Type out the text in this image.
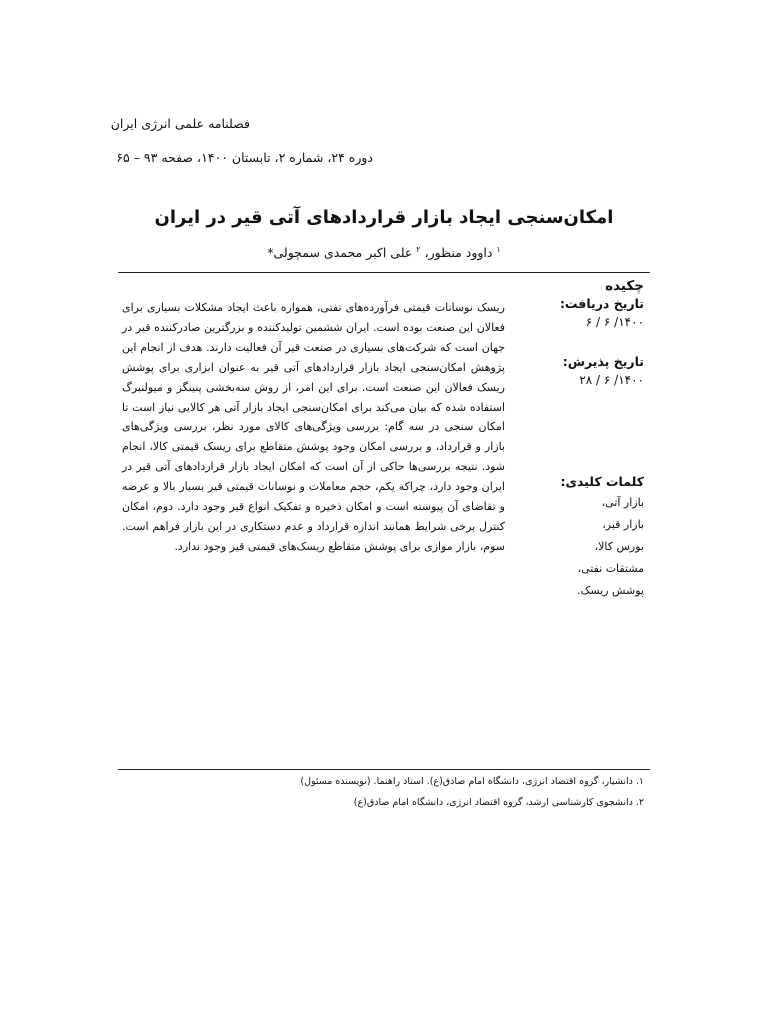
فصلنامه علمی انرژی ایران
دوره ۲۴، شماره ۲، تابستان ۱۴۰۰، صفحه ۹۳ – ۶۵
امکان‌سنجی ایجاد بازار قراردادهای آتی قیر در ایران
$^۱$ داوود منظور، $^۲$ علی اکبر محمدی سمچولی*
چکیده
ریسک نوسانات قیمتی فرآورده‌های نفتی، همواره باعث ایجاد مشکلات بسیاری برای فعالان این صنعت بوده است. ایران ششمین تولیدکننده و بزرگترین صادرکننده قیر در جهان است که شرکت‌های بسیاری در صنعت قیر آن فعالیت دارند. هدف از انجام این پژوهش امکان‌سنجی ایجاد بازار قراردادهای آتی قیر به عنوان ابزاری برای پوشش ریسک فعالان این صنعت است. برای این امر، از روش سه‌بخشی پنینگز و میولنبرگ استفاده شده که بیان می‌کند برای امکان‌سنجی ایجاد بازار آتی هر کالایی نیاز است تا امکان سنجی در سه گام: بررسی ویژگی‌های کالای مورد نظر، بررسی ویژگی‌های بازار و قرارداد، و بررسی امکان وجود پوشش متقاطع برای ریسک قیمتی کالا، انجام شود. نتیجه بررسی‌ها حاکی از آن است که امکان ایجاد بازار قراردادهای آتی قیر در ایران وجود دارد، چراکه یکم، حجم معاملات و نوسانات قیمتی قیر بسیار بالا و عرضه و تقاضای آن پیوسته است و امکان ذخیره و تفکیک انواع قیر وجود دارد. دوم، امکان کنترل برخی شرایط همانند اندازه قرارداد و عدم دستکاری در این بازار فراهم است. سوم، بازار موازی برای پوشش متقاطع ریسک‌های قیمتی قیر وجود ندارد.
تاریخ دریافت:
۱۴۰۰/ ۶ / ۶
تاریخ پذیرش:
۱۴۰۰/ ۶ / ۲۸
کلمات کلیدی:
بازار آتی،
بازار قیر،
بورس کالا،
مشتقات نفتی،
پوشش ریسک.
۱. دانشیار، گروه اقتصاد انرژی، دانشگاه امام صادق(ع). استاد راهنما. (نویسنده مسئول)
۲. دانشجوی کارشناسی ارشد، گروه اقتصاد انرژی، دانشگاه امام صادق(ع)
